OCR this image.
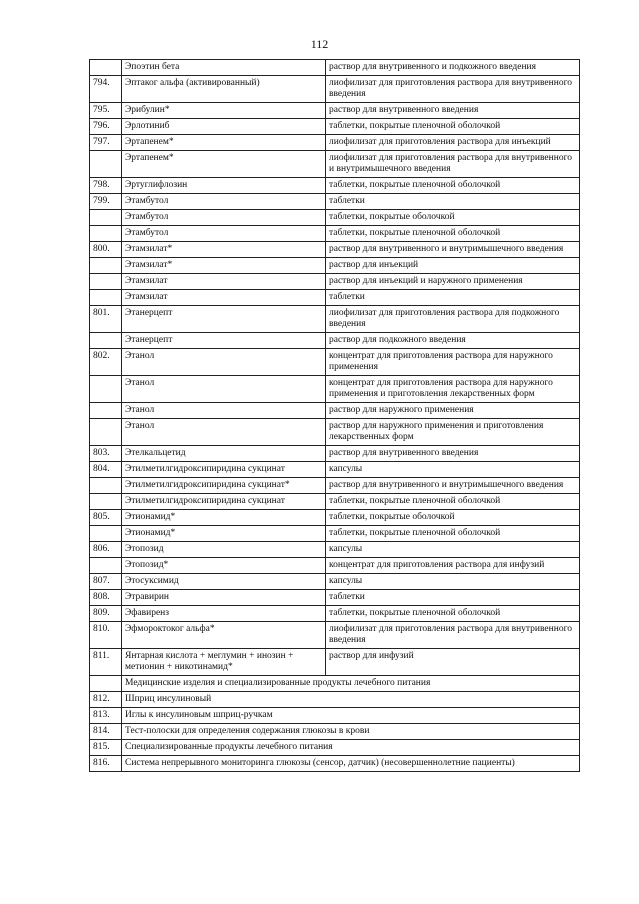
112
	Эпоэтин бета	раствор для внутривенного и подкожного введения
794.	Эптаког альфа (активированный)	лиофилизат для приготовления раствора для внутривенного введения
795.	Эрибулин*	раствор для внутривенного введения
796.	Эрлотиниб	таблетки, покрытые пленочной оболочкой
797.	Эртапенем*	лиофилизат для приготовления раствора для инъекций
	Эртапенем*	лиофилизат для приготовления раствора для внутривенного и внутримышечного введения
798.	Эртуглифлозин	таблетки, покрытые пленочной оболочкой
799.	Этамбутол	таблетки
	Этамбутол	таблетки, покрытые оболочкой
	Этамбутол	таблетки, покрытые пленочной оболочкой
800.	Этамзилат*	раствор для внутривенного и внутримышечного введения
	Этамзилат*	раствор для инъекций
	Этамзилат	раствор для инъекций и наружного применения
	Этамзилат	таблетки
801.	Этанерцепт	лиофилизат для приготовления раствора для подкожного введения
	Этанерцепт	раствор для подкожного введения
802.	Этанол	концентрат для приготовления раствора для наружного применения
	Этанол	концентрат для приготовления раствора для наружного применения и приготовления лекарственных форм
	Этанол	раствор для наружного применения
	Этанол	раствор для наружного применения и приготовления лекарственных форм
803.	Этелкальцетид	раствор для внутривенного введения
804.	Этилметилгидроксипиридина сукцинат	капсулы
	Этилметилгидроксипиридина сукцинат*	раствор для внутривенного и внутримышечного введения
	Этилметилгидроксипиридина сукцинат	таблетки, покрытые пленочной оболочкой
805.	Этионамид*	таблетки, покрытые оболочкой
	Этионамид*	таблетки, покрытые пленочной оболочкой
806.	Этопозид	капсулы
	Этопозид*	концентрат для приготовления раствора для инфузий
807.	Этосуксимид	капсулы
808.	Этравирин	таблетки
809.	Эфавиренз	таблетки, покрытые пленочной оболочкой
810.	Эфмороктоког альфа*	лиофилизат для приготовления раствора для внутривенного введения
811.	Янтарная кислота + меглумин + инозин + метионин + никотинамид*	раствор для инфузий
	Медицинские изделия и специализированные продукты лечебного питания	
812.	Шприц инсулиновый	
813.	Иглы к инсулиновым шприц-ручкам	
814.	Тест-полоски для определения содержания глюкозы в крови	
815.	Специализированные продукты лечебного питания	
816.	Система непрерывного мониторинга глюкозы (сенсор, датчик) (несовершеннолетние пациенты)	
